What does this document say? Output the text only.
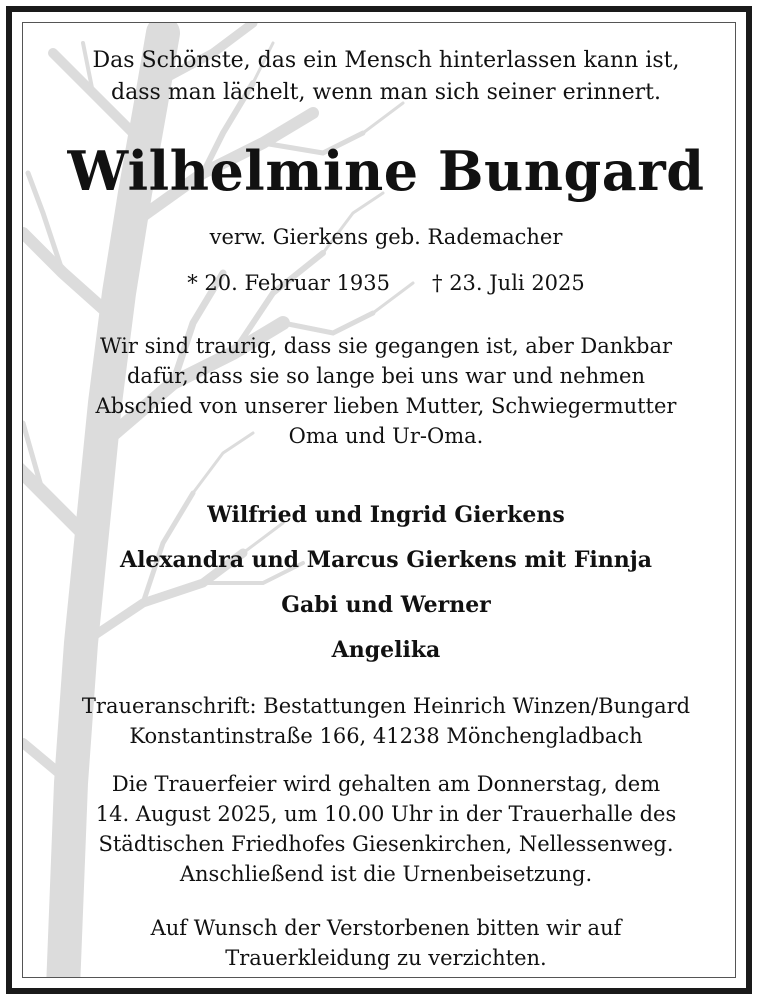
Das Schönste, das ein Mensch hinterlassen kann ist,

dass man lächelt, wenn man sich seiner erinnert.

Wilhelmine Bungard
verw. Gierkens geb. Rademacher
* 20. Februar 1935 † 23. Juli 2025

Wir sind traurig, dass sie gegangen ist, aber Dankbar

dafür, dass sie so lange bei uns war und nehmen

Abschied von unserer lieben Mutter, Schwiegermutter

Oma und Ur-Oma.

Wilfried und Ingrid Gierkens

Alexandra und Marcus Gierkens mit Finnja

Gabi und Werner

Angelika

Traueranschrift: Bestattungen Heinrich Winzen/Bungard

Konstantinstraße 166, 41238 Mönchengladbach

Die Trauerfeier wird gehalten am Donnerstag, dem

14. August 2025, um 10.00 Uhr in der Trauerhalle des

Städtischen Friedhofes Giesenkirchen, Nellessenweg.

Anschließend ist die Urnenbeisetzung.

Auf Wunsch der Verstorbenen bitten wir auf

Trauerkleidung zu verzichten.
